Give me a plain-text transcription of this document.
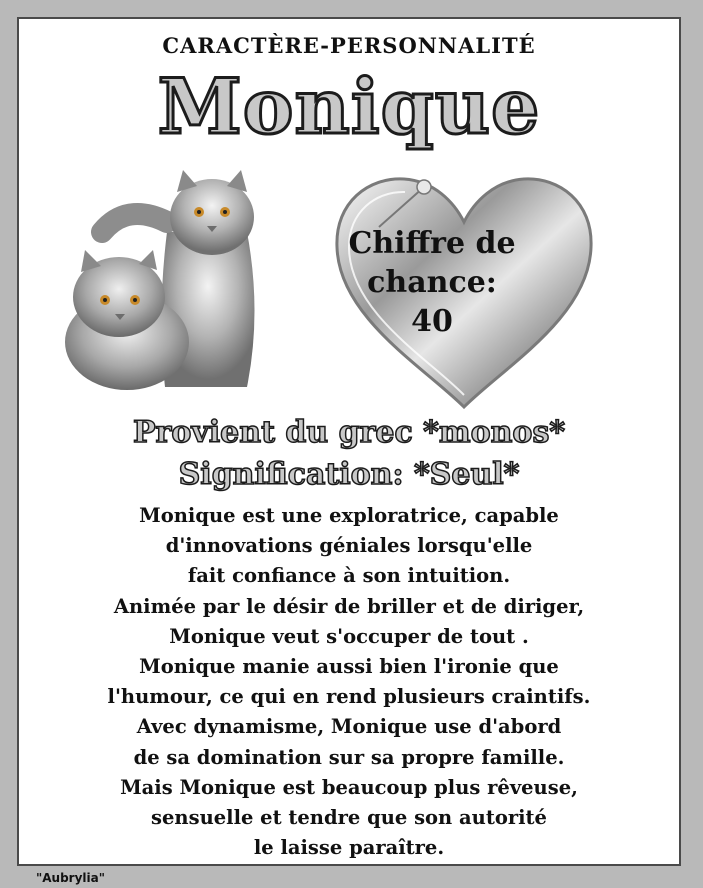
CARACTÈRE-PERSONNALITÉ
Monique
Chiffre de
chance:
40
Provient du grec *monos*
Signification: *Seul*
Monique est une exploratrice, capable
d'innovations géniales lorsqu'elle
fait confiance à son intuition.
Animée par le désir de briller et de diriger,
Monique veut s'occuper de tout .
Monique manie aussi bien l'ironie que
l'humour, ce qui en rend plusieurs craintifs.
Avec dynamisme, Monique use d'abord
de sa domination sur sa propre famille.
Mais Monique est beaucoup plus rêveuse,
sensuelle et tendre que son autorité
le laisse paraître.
"Aubrylia"
